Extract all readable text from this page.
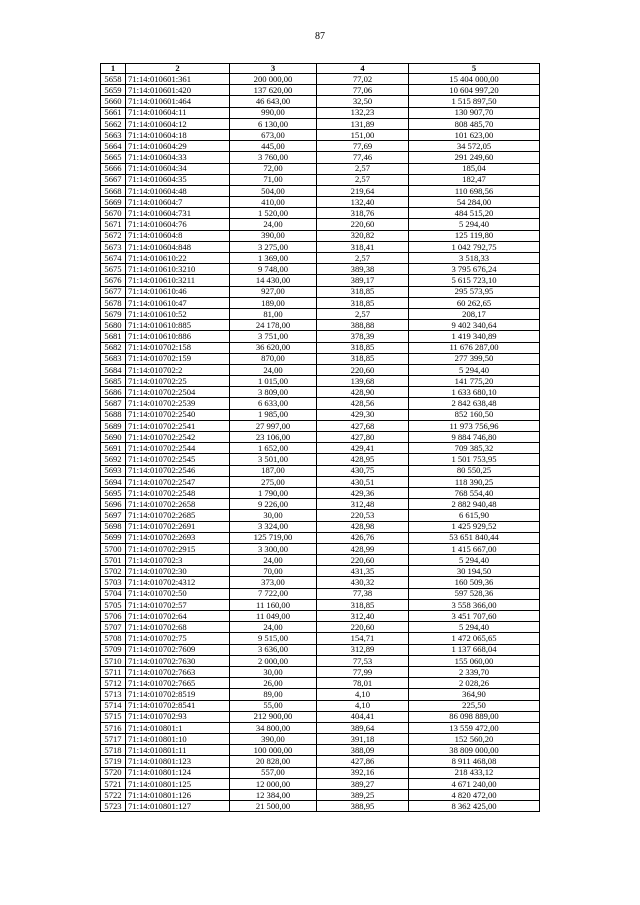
87
1	2	3	4	5
5658	71:14:010601:361	200 000,00	77,02	15 404 000,00
5659	71:14:010601:420	137 620,00	77,06	10 604 997,20
5660	71:14:010601:464	46 643,00	32,50	1 515 897,50
5661	71:14:010604:11	990,00	132,23	130 907,70
5662	71:14:010604:12	6 130,00	131,89	808 485,70
5663	71:14:010604:18	673,00	151,00	101 623,00
5664	71:14:010604:29	445,00	77,69	34 572,05
5665	71:14:010604:33	3 760,00	77,46	291 249,60
5666	71:14:010604:34	72,00	2,57	185,04
5667	71:14:010604:35	71,00	2,57	182,47
5668	71:14:010604:48	504,00	219,64	110 698,56
5669	71:14:010604:7	410,00	132,40	54 284,00
5670	71:14:010604:731	1 520,00	318,76	484 515,20
5671	71:14:010604:76	24,00	220,60	5 294,40
5672	71:14:010604:8	390,00	320,82	125 119,80
5673	71:14:010604:848	3 275,00	318,41	1 042 792,75
5674	71:14:010610:22	1 369,00	2,57	3 518,33
5675	71:14:010610:3210	9 748,00	389,38	3 795 676,24
5676	71:14:010610:3211	14 430,00	389,17	5 615 723,10
5677	71:14:010610:46	927,00	318,85	295 573,95
5678	71:14:010610:47	189,00	318,85	60 262,65
5679	71:14:010610:52	81,00	2,57	208,17
5680	71:14:010610:885	24 178,00	388,88	9 402 340,64
5681	71:14:010610:886	3 751,00	378,39	1 419 340,89
5682	71:14:010702:158	36 620,00	318,85	11 676 287,00
5683	71:14:010702:159	870,00	318,85	277 399,50
5684	71:14:010702:2	24,00	220,60	5 294,40
5685	71:14:010702:25	1 015,00	139,68	141 775,20
5686	71:14:010702:2504	3 809,00	428,90	1 633 680,10
5687	71:14:010702:2539	6 633,00	428,56	2 842 638,48
5688	71:14:010702:2540	1 985,00	429,30	852 160,50
5689	71:14:010702:2541	27 997,00	427,68	11 973 756,96
5690	71:14:010702:2542	23 106,00	427,80	9 884 746,80
5691	71:14:010702:2544	1 652,00	429,41	709 385,32
5692	71:14:010702:2545	3 501,00	428,95	1 501 753,95
5693	71:14:010702:2546	187,00	430,75	80 550,25
5694	71:14:010702:2547	275,00	430,51	118 390,25
5695	71:14:010702:2548	1 790,00	429,36	768 554,40
5696	71:14:010702:2658	9 226,00	312,48	2 882 940,48
5697	71:14:010702:2685	30,00	220,53	6 615,90
5698	71:14:010702:2691	3 324,00	428,98	1 425 929,52
5699	71:14:010702:2693	125 719,00	426,76	53 651 840,44
5700	71:14:010702:2915	3 300,00	428,99	1 415 667,00
5701	71:14:010702:3	24,00	220,60	5 294,40
5702	71:14:010702:30	70,00	431,35	30 194,50
5703	71:14:010702:4312	373,00	430,32	160 509,36
5704	71:14:010702:50	7 722,00	77,38	597 528,36
5705	71:14:010702:57	11 160,00	318,85	3 558 366,00
5706	71:14:010702:64	11 049,00	312,40	3 451 707,60
5707	71:14:010702:68	24,00	220,60	5 294,40
5708	71:14:010702:75	9 515,00	154,71	1 472 065,65
5709	71:14:010702:7609	3 636,00	312,89	1 137 668,04
5710	71:14:010702:7630	2 000,00	77,53	155 060,00
5711	71:14:010702:7663	30,00	77,99	2 339,70
5712	71:14:010702:7665	26,00	78,01	2 028,26
5713	71:14:010702:8519	89,00	4,10	364,90
5714	71:14:010702:8541	55,00	4,10	225,50
5715	71:14:010702:93	212 900,00	404,41	86 098 889,00
5716	71:14:010801:1	34 800,00	389,64	13 559 472,00
5717	71:14:010801:10	390,00	391,18	152 560,20
5718	71:14:010801:11	100 000,00	388,09	38 809 000,00
5719	71:14:010801:123	20 828,00	427,86	8 911 468,08
5720	71:14:010801:124	557,00	392,16	218 433,12
5721	71:14:010801:125	12 000,00	389,27	4 671 240,00
5722	71:14:010801:126	12 384,00	389,25	4 820 472,00
5723	71:14:010801:127	21 500,00	388,95	8 362 425,00
